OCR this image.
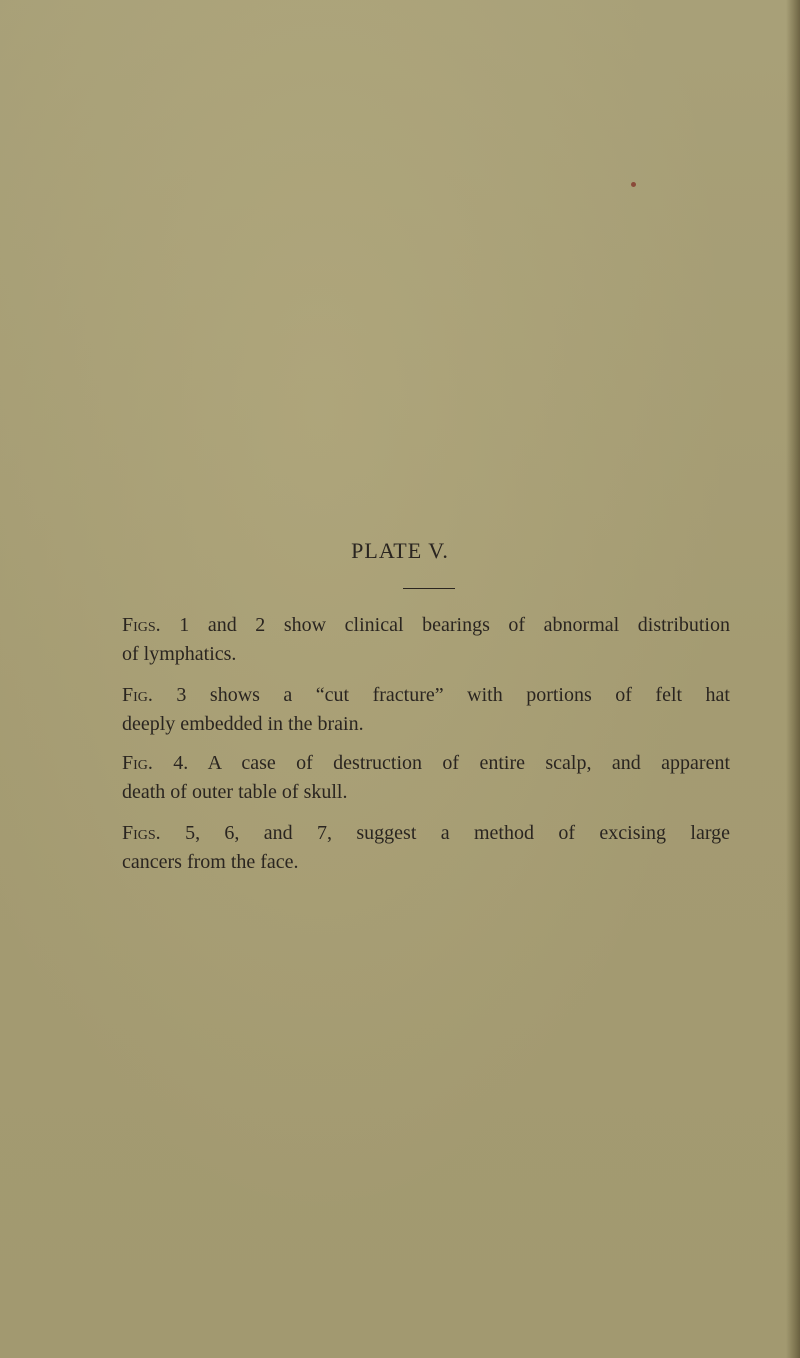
PLATE V.
Figs. 1 and 2 show clinical bearings of abnormal distribution
of lymphatics.
Fig. 3 shows a “cut fracture” with portions of felt hat
deeply embedded in the brain.
Fig. 4. A case of destruction of entire scalp, and apparent
death of outer table of skull.
Figs. 5, 6, and 7, suggest a method of excising large
cancers from the face.
